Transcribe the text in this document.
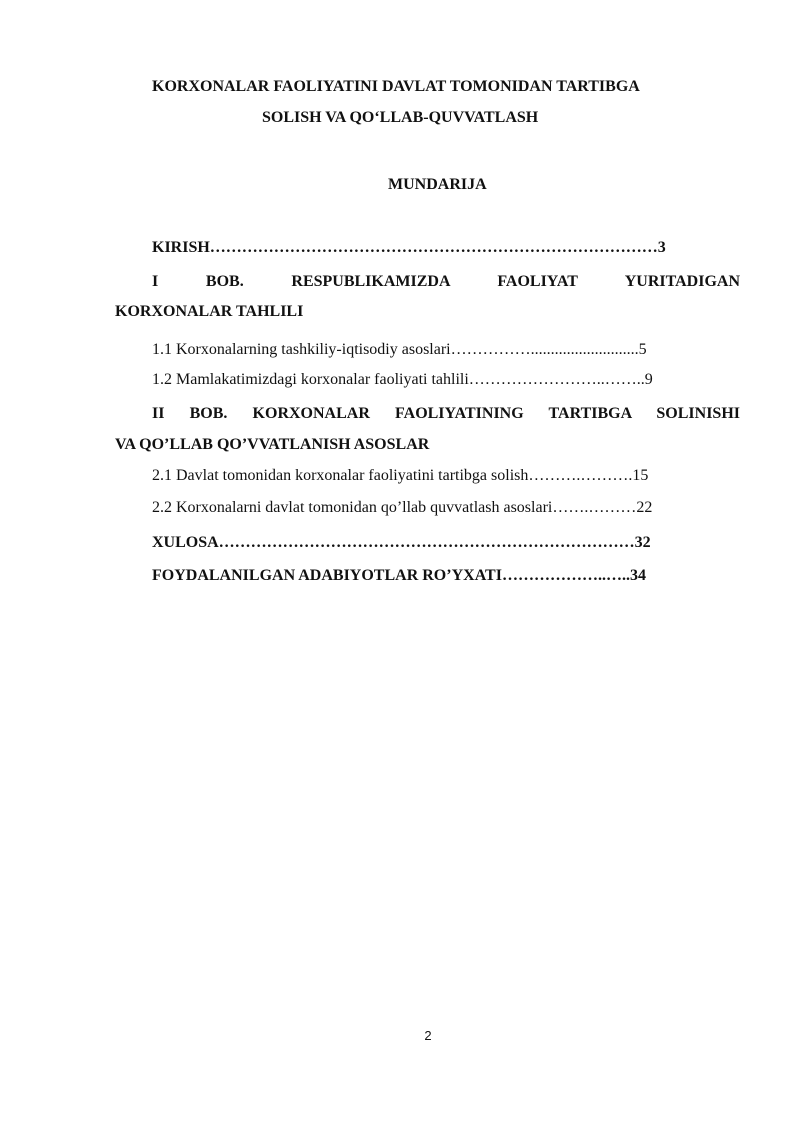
KORXONALAR FAOLIYATINI DAVLAT TOMONIDAN TARTIBGA
SOLISH VA QO‘LLAB-QUVVATLASH
MUNDARIJA
KIRISH…………………………………………………………………………3
I BOB. RESPUBLIKAMIZDA FAOLIYAT YURITADIGAN
KORXONALAR TAHLILI
1.1 Korxonalarning tashkiliy-iqtisodiy asoslari……………...........................5
1.2 Mamlakatimizdagi korxonalar faoliyati tahlili……………………..……..9
II BOB. KORXONALAR FAOLIYATINING TARTIBGA SOLINISHI
VA QO’LLAB QO’VVATLANISH ASOSLAR
2.1 Davlat tomonidan korxonalar faoliyatini tartibga solish……….……….15
2.2 Korxonalarni davlat tomonidan qo’llab quvvatlash asoslari…….………22
XULOSA……………………………………………………………………32
FOYDALANILGAN ADABIYOTLAR RO’YXATI………………..…..34
2
